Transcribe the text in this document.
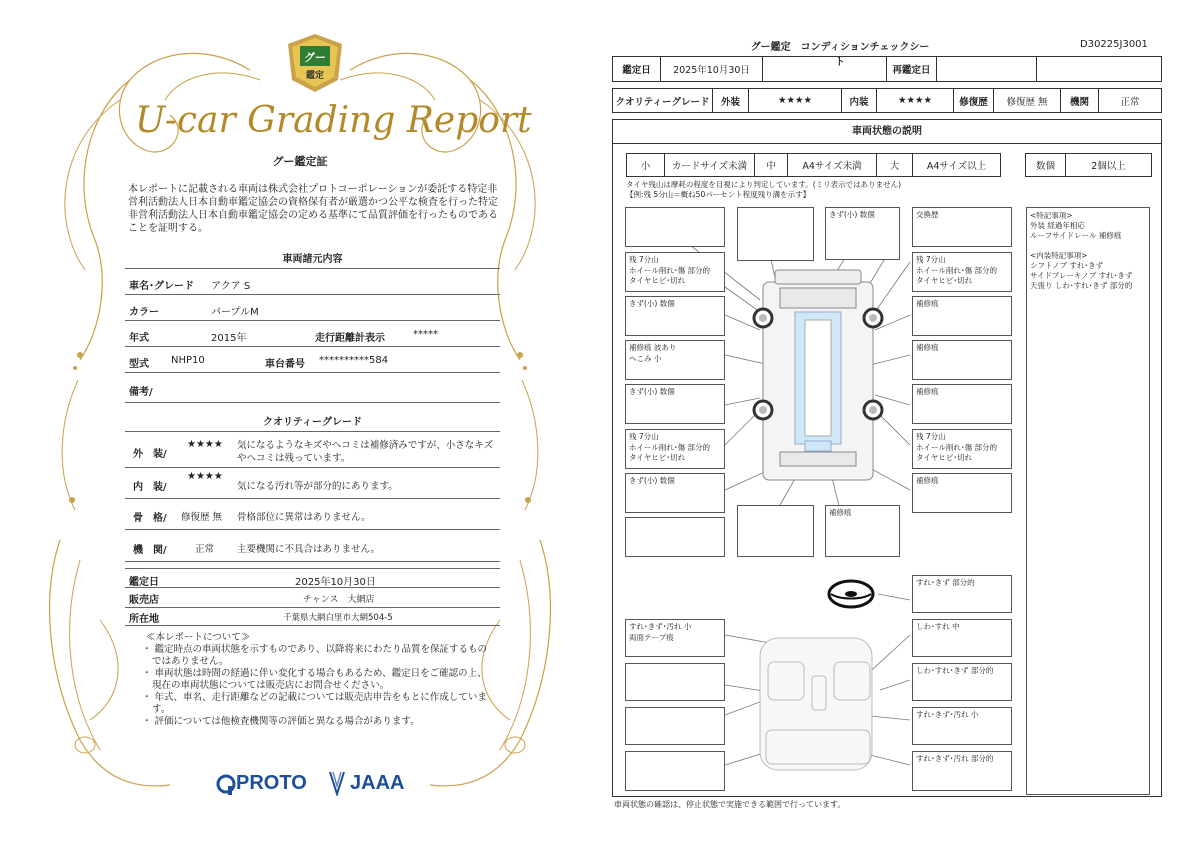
グー
鑑定
U-car Grading Report
グー鑑定証
本レポートに記載される車両は株式会社プロトコーポレーションが委託する特定非営利活動法人日本自動車鑑定協会の資格保有者が厳選かつ公平な検査を行った特定非営利活動法人日本自動車鑑定協会の定める基準にて品質評価を行ったものであることを証明する。
車両諸元内容
車名･グレード アクア S
カラー	パープルM
年式	2015年	走行距離計表示	*****
型式 NHP10	車台番号 **********584
備考/
クオリティーグレード
外　装/
★★★★ 気になるようなキズやヘコミは補修済みですが、小さなキズやヘコミは残っています。
内　装/
★★★★
気になる汚れ等が部分的にあります。
骨　格/ 修復歴 無 骨格部位に異常はありません。
機　関/	正常 主要機関に不具合はありません。
鑑定日	2025年10月30日
販売店	チャンス　大網店
所在地	千葉県大網白里市大網504-5
≪本レポートについて≫
・ 鑑定時点の車両状態を示すものであり、以降将来にわたり品質を保証するものではありません。
・ 車両状態は時間の経過に伴い変化する場合もあるため、鑑定日をご確認の上、現在の車両状態については販売店にお問合せください。
・ 年式、車名、走行距離などの記載については販売店申告をもとに作成しています。
・ 評価については他検査機関等の評価と異なる場合があります。
PROTO JAAA
グー鑑定　コンディションチェックシート
D30225J3001
鑑定日	2025年10月30日	再鑑定日
クオリティーグレード	外装	★★★★	内装	★★★★	修復歴	修復歴 無	機関	正常
車両状態の説明
小	カードサイズ未満	中	A4サイズ未満	大	A4サイズ以上	数個	2個以上
タイヤ残山は摩耗の程度を目視により判定しています。(ミリ表示ではありません)
【例:残 5分山＝概ね50パーセント程度残り溝を示す】
<特記事項>
外装 経過年相応
ルーフサイドレール 補修痕
<内装特記事項>
シフトノブ すれ･きず
サイドブレーキノブ すれ･きず
天張り しわ･すれ･きず 部分的
きず(小) 数個	交換歴
残 7分山
ホイール削れ･傷 部分的
タイヤヒビ･切れ
残 7分山
ホイール削れ･傷 部分的
タイヤヒビ･切れ
きず(小) 数個	補修痕
補修痕 波あり
へこみ 小
補修痕
きず(小) 数個	補修痕
残 7分山
ホイール削れ･傷 部分的
タイヤヒビ･切れ
残 7分山
ホイール削れ･傷 部分的
タイヤヒビ･切れ
きず(小) 数個	補修痕
補修痕
すれ･きず 部分的
すれ･きず･汚れ 小
両面テープ痕
しわ･すれ 中
しわ･すれ･きず 部分的
すれ･きず･汚れ 小
すれ･きず･汚れ 部分的
車両状態の確認は、停止状態で実施できる範囲で行っています。
